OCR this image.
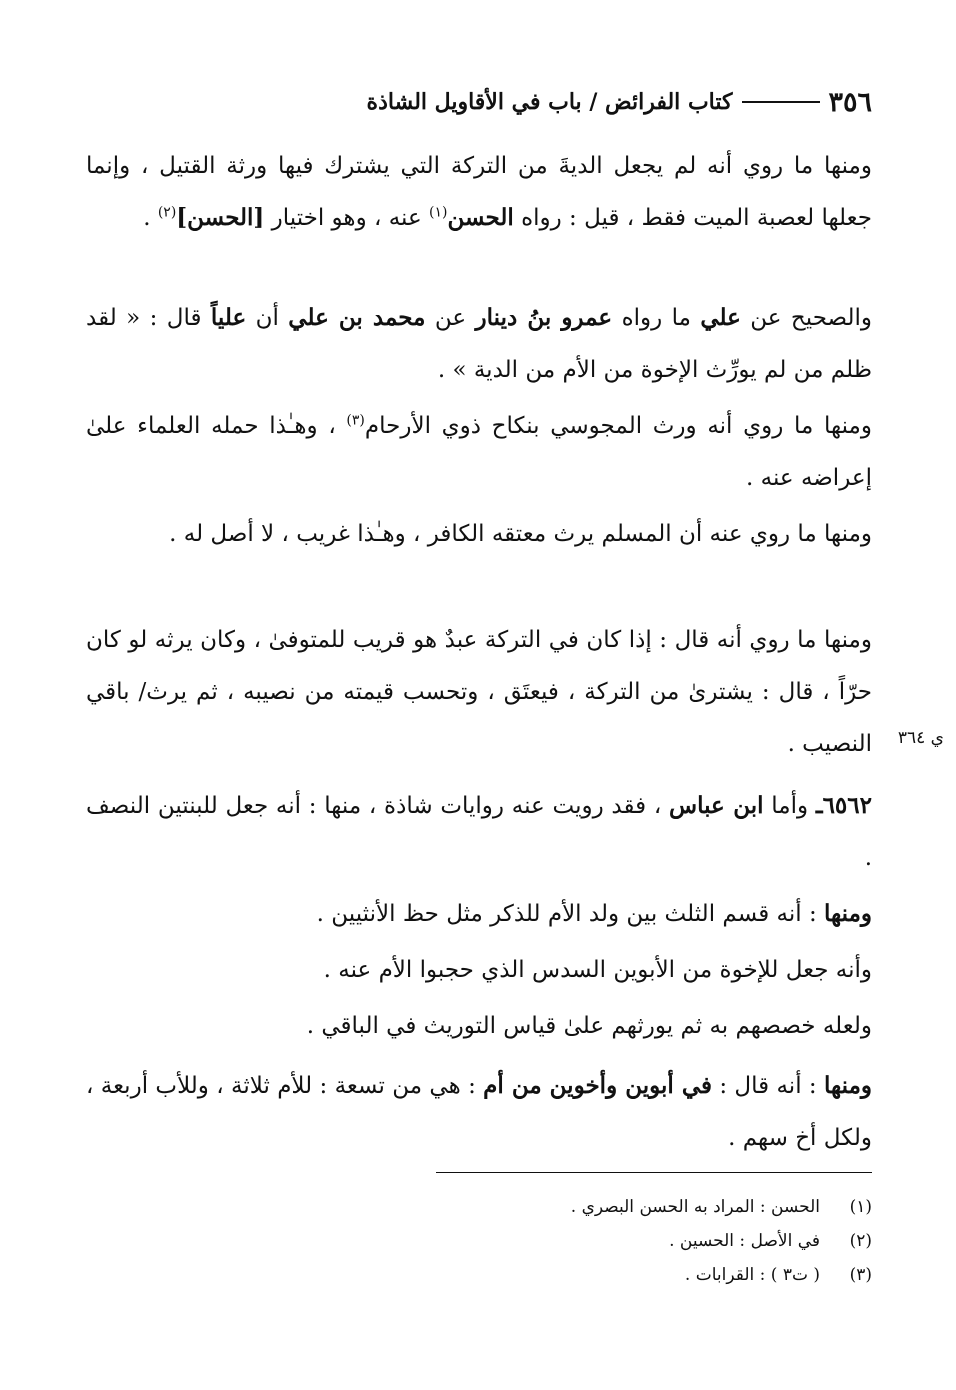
٣٥٦
كتاب الفرائض / باب في الأقاويل الشاذة
ومنها ما روي أنه لم يجعل الديةَ من التركة التي يشترك فيها ورثة القتيل ، وإنما جعلها لعصبة الميت فقط ، قيل : رواه الحسن$^{(١)}$ عنه ، وهو اختيار [الحسن]$^{(٢)}$ .
والصحيح عن علي ما رواه عمرو بنُ دينار عن محمد بن علي أن علياً قال : « لقد ظلم من لم يورِّث الإخوة من الأم من الدية » .
ومنها ما روي أنه ورث المجوسي بنكاح ذوي الأرحام$^{(٣)}$ ، وهـٰذا حمله العلماء علىٰ إعراضه عنه .
ومنها ما روي عنه أن المسلم يرث معتقه الكافر ، وهـٰذا غريب ، لا أصل له .
ومنها ما روي أنه قال : إذا كان في التركة عبدٌ هو قريب للمتوفىٰ ، وكان يرثه لو كان حرّاً ، قال : يشترىٰ من التركة ، فيعتَق ، وتحسب قيمته من نصيبه ، ثم يرث/ باقي النصيب .	ي ٣٦٤
٦٥٦٢ـ وأما ابن عباس ، فقد رويت عنه روايات شاذة ، منها : أنه جعل للبنتين النصف .
ومنها : أنه قسم الثلث بين ولد الأم للذكر مثل حظ الأنثيين .
وأنه جعل للإخوة من الأبوين السدس الذي حجبوا الأم عنه .
ولعله خصصهم به ثم يورثهم علىٰ قياس التوريث في الباقي .
ومنها : أنه قال : في أبوين وأخوين من أم : هي من تسعة : للأم ثلاثة ، وللأب أربعة ، ولكل أخ سهم .
(١)
الحسن : المراد به الحسن البصري .
(٢)
في الأصل : الحسين .
(٣)
( ت٣ ) : القرابات .
